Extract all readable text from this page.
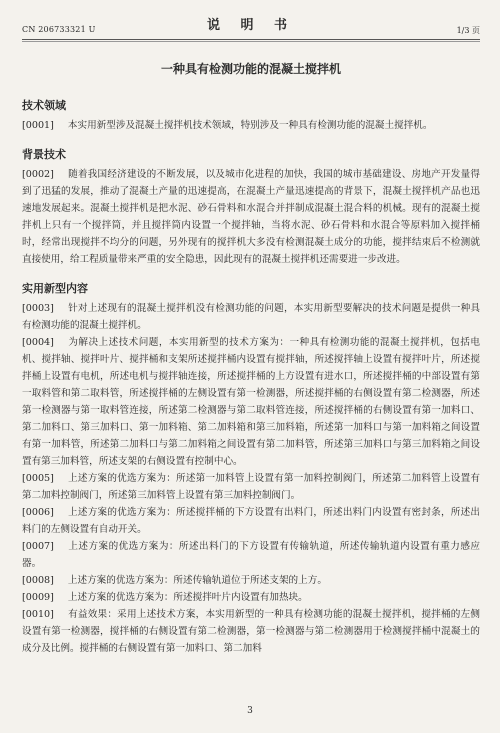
CN 206733321 U	说 明 书	1/3 页
一种具有检测功能的混凝土搅拌机
技术领域

[0001] 本实用新型涉及混凝土搅拌机技术领域，特别涉及一种具有检测功能的混凝土搅拌机。

背景技术

[0002] 随着我国经济建设的不断发展，以及城市化进程的加快，我国的城市基础建设、房地产开发量得到了迅猛的发展，推动了混凝土产量的迅速提高，在混凝土产量迅速提高的背景下，混凝土搅拌机产品也迅速地发展起来。混凝土搅拌机是把水泥、砂石骨料和水混合并拌制成混凝土混合料的机械。现有的混凝土搅拌机上只有一个搅拌筒，并且搅拌筒内设置一个搅拌轴，当将水泥、砂石骨料和水混合等原料加入搅拌桶时，经常出现搅拌不均分的问题，另外现有的搅拌机大多没有检测混凝土成分的功能，搅拌结束后不检测就直接使用，给工程质量带来严重的安全隐患，因此现有的混凝土搅拌机还需要进一步改进。

实用新型内容

[0003] 针对上述现有的混凝土搅拌机没有检测功能的问题，本实用新型要解决的技术问题是提供一种具有检测功能的混凝土搅拌机。

[0004] 为解决上述技术问题，本实用新型的技术方案为：一种具有检测功能的混凝土搅拌机，包括电机、搅拌轴、搅拌叶片、搅拌桶和支架所述搅拌桶内设置有搅拌轴，所述搅拌轴上设置有搅拌叶片，所述搅拌桶上设置有电机，所述电机与搅拌轴连接，所述搅拌桶的上方设置有进水口，所述搅拌桶的中部设置有第一取料管和第二取料管，所述搅拌桶的左侧设置有第一检测器，所述搅拌桶的右侧设置有第二检测器，所述第一检测器与第一取料管连接，所述第二检测器与第二取料管连接，所述搅拌桶的右侧设置有第一加料口、第二加料口、第三加料口、第一加料箱、第二加料箱和第三加料箱，所述第一加料口与第一加料箱之间设置有第一加料管，所述第二加料口与第二加料箱之间设置有第二加料管，所述第三加料口与第三加料箱之间设置有第三加料管，所述支架的右侧设置有控制中心。

[0005] 上述方案的优选方案为：所述第一加料管上设置有第一加料控制阀门，所述第二加料管上设置有第二加料控制阀门，所述第三加料管上设置有第三加料控制阀门。

[0006] 上述方案的优选方案为：所述搅拌桶的下方设置有出料门，所述出料门内设置有密封条，所述出料门的左侧设置有自动开关。

[0007] 上述方案的优选方案为：所述出料门的下方设置有传输轨道，所述传输轨道内设置有重力感应器。

[0008] 上述方案的优选方案为：所述传输轨道位于所述支架的上方。

[0009] 上述方案的优选方案为：所述搅拌叶片内设置有加热块。

[0010] 有益效果：采用上述技术方案，本实用新型的一种具有检测功能的混凝土搅拌机，搅拌桶的左侧设置有第一检测器，搅拌桶的右侧设置有第二检测器，第一检测器与第二检测器用于检测搅拌桶中混凝土的成分及比例。搅拌桶的右侧设置有第一加料口、第二加料

3
